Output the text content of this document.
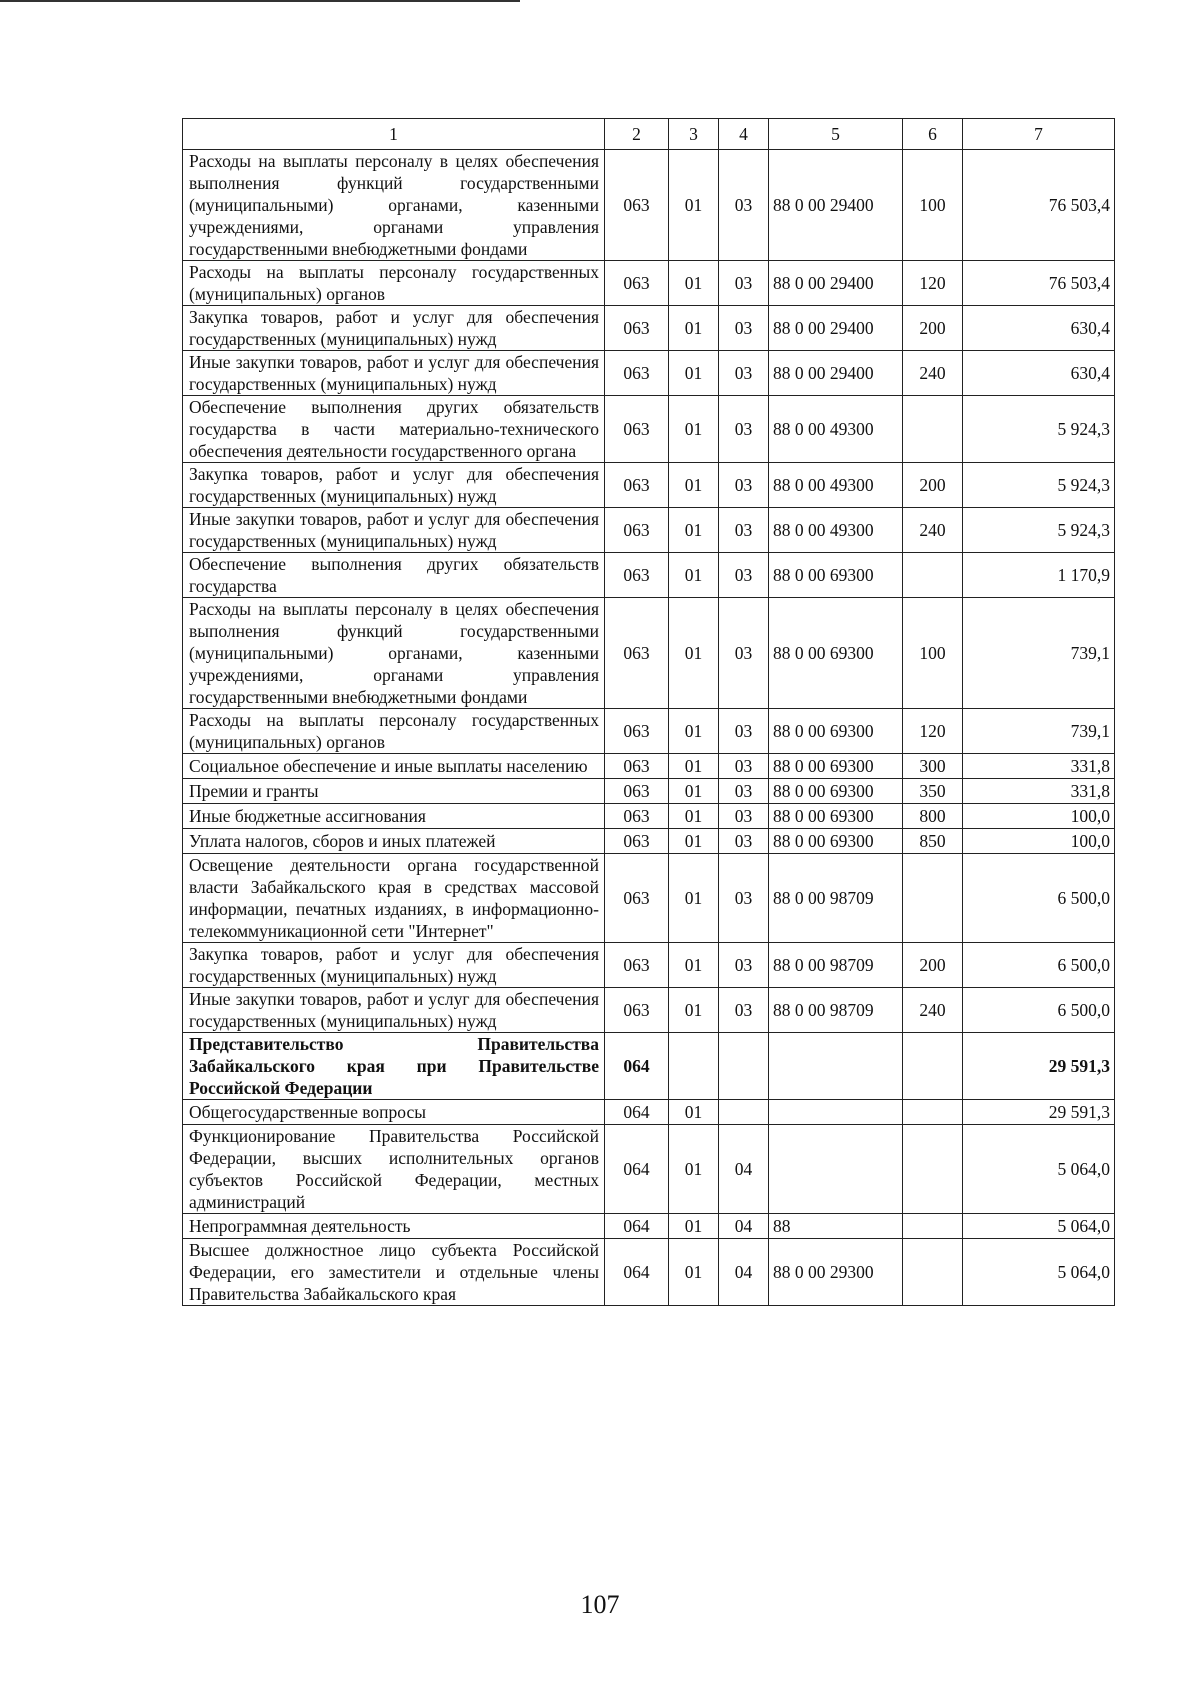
1	2	3	4	5	6	7
Расходы на выплаты персоналу в целях обеспечения выполнения функций государственными (муниципальными) органами, казенными учреждениями, органами управления государственными внебюджетными фондами	063	01	03	88 0 00 29400	100	76 503,4
Расходы на выплаты персоналу государственных (муниципальных) органов	063	01	03	88 0 00 29400	120	76 503,4
Закупка товаров, работ и услуг для обеспечения государственных (муниципальных) нужд	063	01	03	88 0 00 29400	200	630,4
Иные закупки товаров, работ и услуг для обеспечения государственных (муниципальных) нужд	063	01	03	88 0 00 29400	240	630,4
Обеспечение выполнения других обязательств государства в части материально-технического обеспечения деятельности государственного органа	063	01	03	88 0 00 49300		5 924,3
Закупка товаров, работ и услуг для обеспечения государственных (муниципальных) нужд	063	01	03	88 0 00 49300	200	5 924,3
Иные закупки товаров, работ и услуг для обеспечения государственных (муниципальных) нужд	063	01	03	88 0 00 49300	240	5 924,3
Обеспечение выполнения других обязательств государства	063	01	03	88 0 00 69300		1 170,9
Расходы на выплаты персоналу в целях обеспечения выполнения функций государственными (муниципальными) органами, казенными учреждениями, органами управления государственными внебюджетными фондами	063	01	03	88 0 00 69300	100	739,1
Расходы на выплаты персоналу государственных (муниципальных) органов	063	01	03	88 0 00 69300	120	739,1
Социальное обеспечение и иные выплаты населению	063	01	03	88 0 00 69300	300	331,8
Премии и гранты	063	01	03	88 0 00 69300	350	331,8
Иные бюджетные ассигнования	063	01	03	88 0 00 69300	800	100,0
Уплата налогов, сборов и иных платежей	063	01	03	88 0 00 69300	850	100,0
Освещение деятельности органа государственной власти Забайкальского края в средствах массовой информации, печатных изданиях, в информационно-телекоммуникационной сети "Интернет"	063	01	03	88 0 00 98709		6 500,0
Закупка товаров, работ и услуг для обеспечения государственных (муниципальных) нужд	063	01	03	88 0 00 98709	200	6 500,0
Иные закупки товаров, работ и услуг для обеспечения государственных (муниципальных) нужд	063	01	03	88 0 00 98709	240	6 500,0
Представительство Правительства Забайкальского края при Правительстве Российской Федерации	064					29 591,3
Общегосударственные вопросы	064	01				29 591,3
Функционирование Правительства Российской Федерации, высших исполнительных органов субъектов Российской Федерации, местных администраций	064	01	04			5 064,0
Непрограммная деятельность	064	01	04	88		5 064,0
Высшее должностное лицо субъекта Российской Федерации, его заместители и отдельные члены Правительства Забайкальского края	064	01	04	88 0 00 29300		5 064,0
107
